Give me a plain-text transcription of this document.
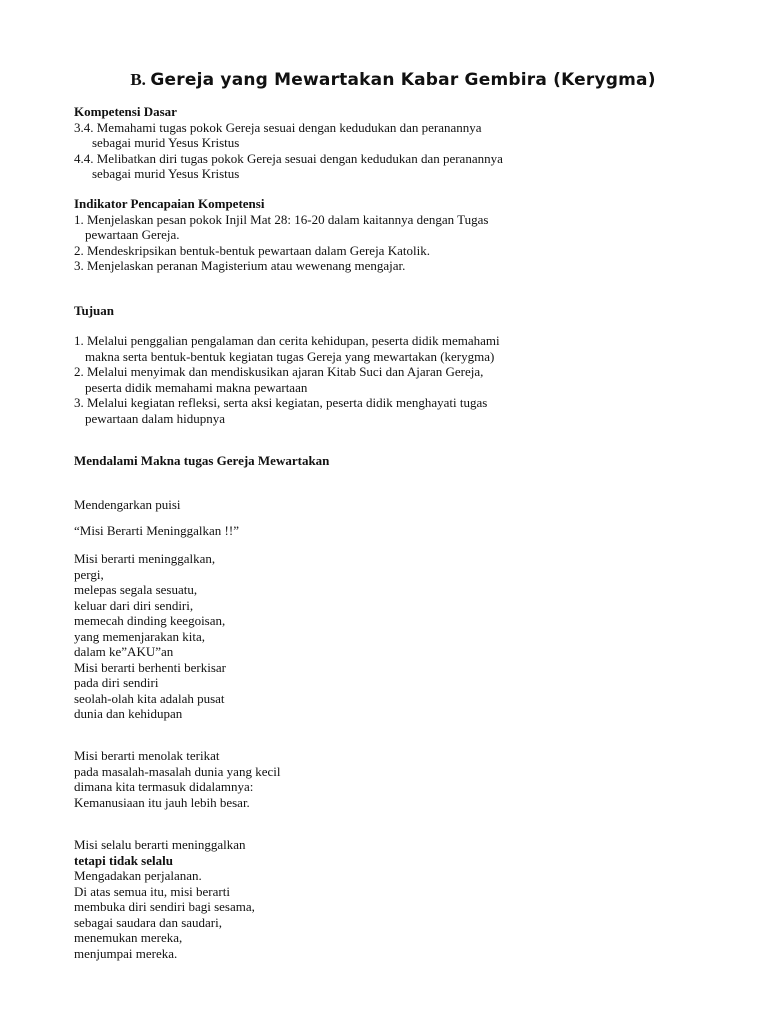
B. Gereja yang Mewartakan Kabar Gembira (Kerygma)
Kompetensi Dasar
3.4. Memahami tugas pokok Gereja sesuai dengan kedudukan dan peranannya
sebagai murid Yesus Kristus
4.4. Melibatkan diri tugas pokok Gereja sesuai dengan kedudukan dan peranannya
sebagai murid Yesus Kristus
Indikator Pencapaian Kompetensi
1. Menjelaskan pesan pokok Injil Mat 28: 16-20 dalam kaitannya dengan Tugas
pewartaan Gereja.
2. Mendeskripsikan bentuk-bentuk pewartaan dalam Gereja Katolik.
3. Menjelaskan peranan Magisterium atau wewenang mengajar.
Tujuan
1. Melalui penggalian pengalaman dan cerita kehidupan, peserta didik memahami
makna serta bentuk-bentuk kegiatan tugas Gereja yang mewartakan (kerygma)
2. Melalui menyimak dan mendiskusikan ajaran Kitab Suci dan Ajaran Gereja,
peserta didik memahami makna pewartaan
3. Melalui kegiatan refleksi, serta aksi kegiatan, peserta didik menghayati tugas
pewartaan dalam hidupnya
Mendalami Makna tugas Gereja Mewartakan
Mendengarkan puisi
“Misi Berarti Meninggalkan !!”
Misi berarti meninggalkan,
pergi,
melepas segala sesuatu,
keluar dari diri sendiri,
memecah dinding keegoisan,
yang memenjarakan kita,
dalam ke”AKU”an
Misi berarti berhenti berkisar
pada diri sendiri
seolah-olah kita adalah pusat
dunia dan kehidupan
Misi berarti menolak terikat
pada masalah-masalah dunia yang kecil
dimana kita termasuk didalamnya:
Kemanusiaan itu jauh lebih besar.
Misi selalu berarti meninggalkan
tetapi tidak selalu
Mengadakan perjalanan.
Di atas semua itu, misi berarti
membuka diri sendiri bagi sesama,
sebagai saudara dan saudari,
menemukan mereka,
menjumpai mereka.
